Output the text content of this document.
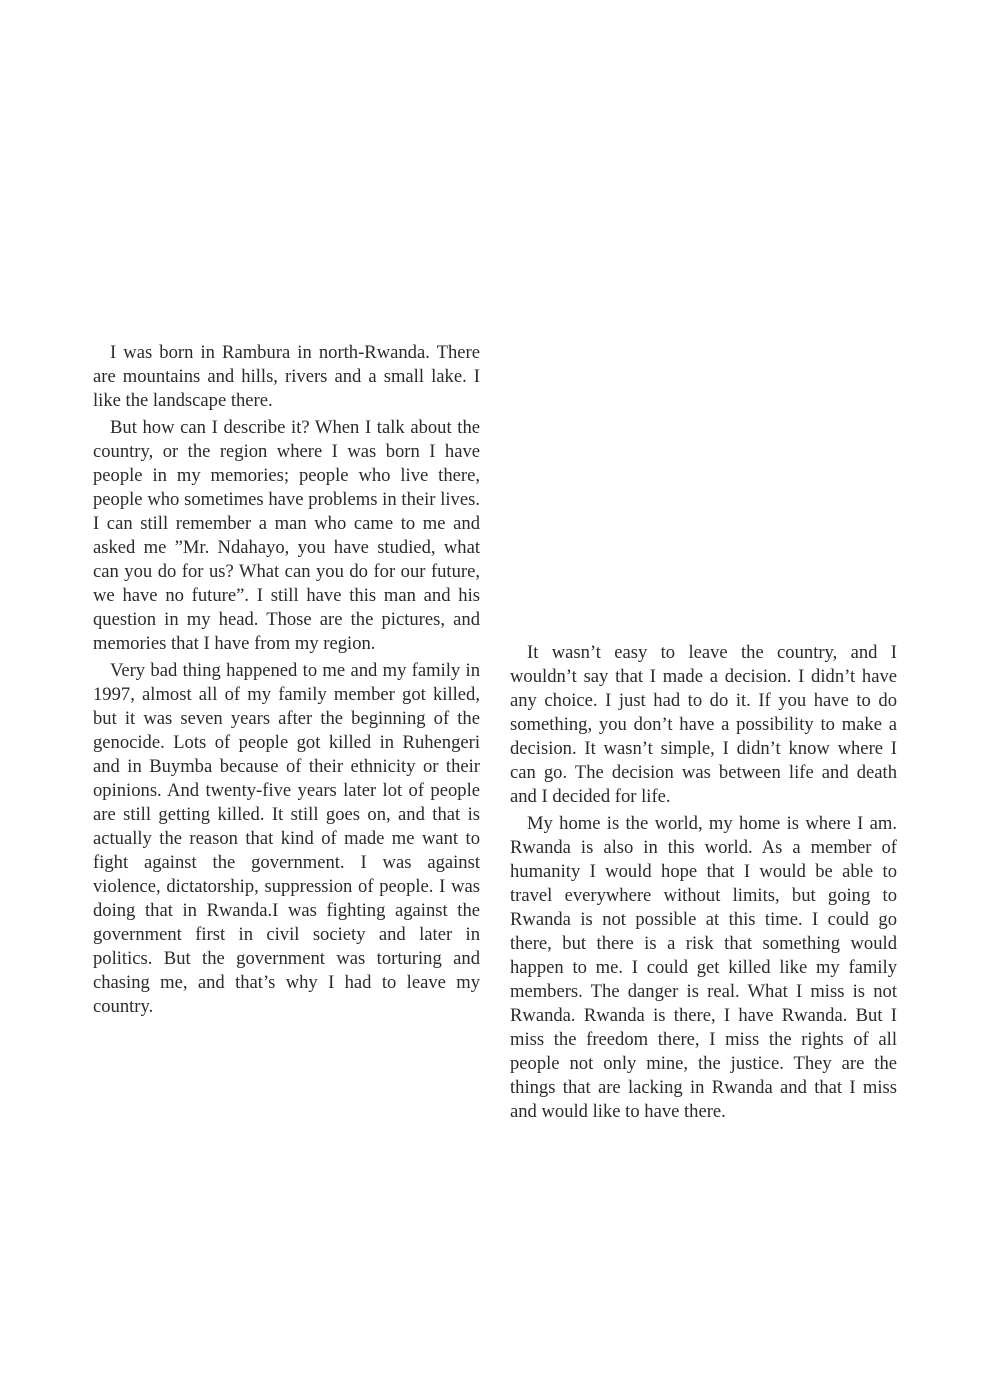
I was born in Rambura in north-Rwanda. There are mountains and hills, rivers and a small lake. I like the landscape there.

But how can I describe it? When I talk about the country, or the region where I was born I have people in my memories; people who live there, people who sometimes have problems in their lives. I can still remember a man who came to me and asked me ”Mr. Ndahayo, you have studied, what can you do for us? What can you do for our future, we have no future”. I still have this man and his question in my head. Those are the pictures, and memories that I have from my region.

Very bad thing happened to me and my family in 1997, almost all of my family member got killed, but it was seven years after the beginning of the genocide. Lots of people got killed in Ruhengeri and in Buymba because of their ethnicity or their opinions. And twenty-five years later lot of people are still getting killed. It still goes on, and that is actually the reason that kind of made me want to fight against the government. I was against violence, dictatorship, suppression of people. I was doing that in Rwanda.I was fighting against the government first in civil society and later in politics. But the government was torturing and chasing me, and that’s why I had to leave my country.

It wasn’t easy to leave the country, and I wouldn’t say that I made a decision. I didn’t have any choice. I just had to do it. If you have to do something, you don’t have a possibility to make a decision. It wasn’t simple, I didn’t know where I can go. The decision was between life and death and I decided for life.

My home is the world, my home is where I am. Rwanda is also in this world. As a member of humanity I would hope that I would be able to travel everywhere without limits, but going to Rwanda is not possible at this time. I could go there, but there is a risk that something would happen to me. I could get killed like my family members. The danger is real. What I miss is not Rwanda. Rwanda is there, I have Rwanda. But I miss the freedom there, I miss the rights of all people not only mine, the justice. They are the things that are lacking in Rwanda and that I miss and would like to have there.
